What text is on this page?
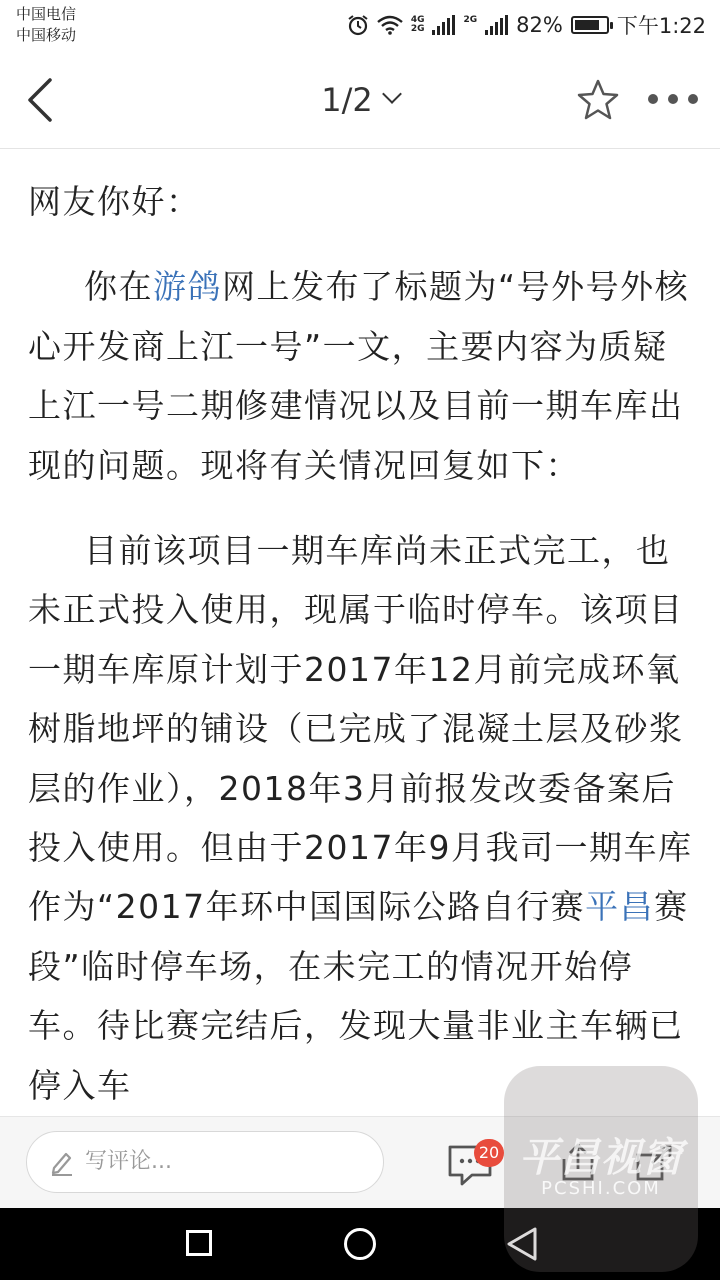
中国电信
中国移动
4G
2G
2G
82%	下午1:22
1/2

网友你好：

你在游鸽网上发布了标题为“号外号外核心开发商上江一号”一文，主要内容为质疑上江一号二期修建情况以及目前一期车库出现的问题。现将有关情况回复如下：

目前该项目一期车库尚未正式完工，也未正式投入使用，现属于临时停车。该项目一期车库原计划于2017年12月前完成环氧树脂地坪的铺设（已完成了混凝土层及砂浆层的作业），2018年3月前报发改委备案后投入使用。但由于2017年9月我司一期车库作为“2017年环中国国际公路自行赛平昌赛段”临时停车场，在未完工的情况开始停车。待比赛完结后，发现大量非业主车辆已停入车

写评论...	20 平昌视窗
PCSHI.COM
